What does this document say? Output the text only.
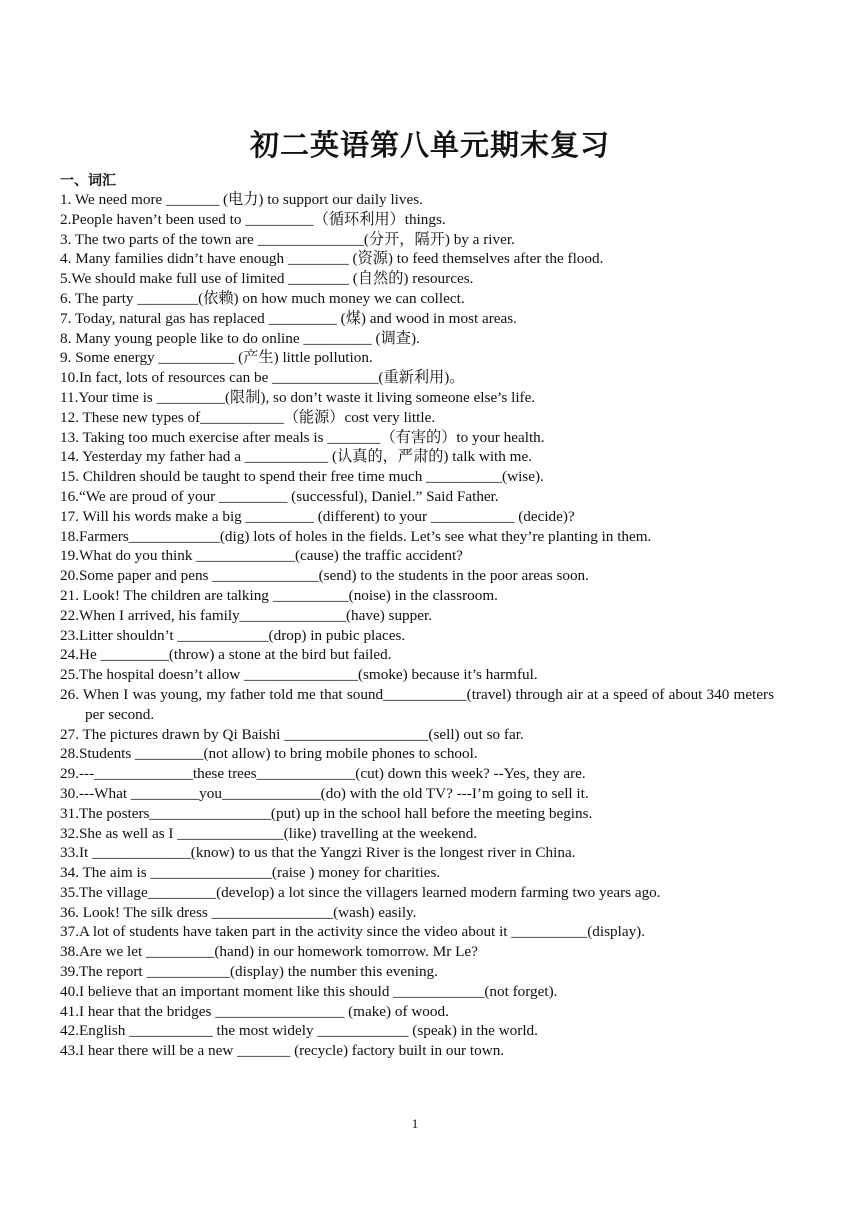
初二英语第八单元期末复习
一、词汇
1. We need more _______ (电力) to support our daily lives.
2.People haven’t been used to _________（循环利用）things.
3. The two parts of the town are ______________(分开，隔开) by a river.
4. Many families didn’t have enough ________ (资源) to feed themselves after the flood.
5.We should make full use of limited ________ (自然的) resources.
6. The party ________(依赖) on how much money we can collect.
7. Today, natural gas has replaced _________ (煤) and wood in most areas.
8. Many young people like to do online _________ (调查).
9. Some energy __________ (产生) little pollution.
10.In fact, lots of resources can be ______________(重新利用)。
11.Your time is _________(限制), so don’t waste it living someone else’s life.
12. These new types of___________（能源）cost very little.
13. Taking too much exercise after meals is _______（有害的）to your health.
14. Yesterday my father had a ___________ (认真的，严肃的) talk with me.
15. Children should be taught to spend their free time much __________(wise).
16.“We are proud of your _________ (successful), Daniel.” Said Father.
17. Will his words make a big _________ (different) to your ___________ (decide)?
18.Farmers____________(dig) lots of holes in the fields. Let’s see what they’re planting in them.
19.What do you think _____________(cause) the traffic accident?
20.Some paper and pens ______________(send) to the students in the poor areas soon.
21. Look! The children are talking __________(noise) in the classroom.
22.When I arrived, his family______________(have) supper.
23.Litter shouldn’t ____________(drop) in pubic places.
24.He _________(throw) a stone at the bird but failed.
25.The hospital doesn’t allow _______________(smoke) because it’s harmful.
26. When I was young, my father told me that sound___________(travel) through air at a speed of about 340 meters per second.
27. The pictures drawn by Qi Baishi ___________________(sell) out so far.
28.Students _________(not allow) to bring mobile phones to school.
29.---_____________these trees_____________(cut) down this week? --Yes, they are.
30.---What _________you_____________(do) with the old TV? ---I’m going to sell it.
31.The posters________________(put) up in the school hall before the meeting begins.
32.She as well as I ______________(like) travelling at the weekend.
33.It _____________(know) to us that the Yangzi River is the longest river in China.
34. The aim is ________________(raise ) money for charities.
35.The village_________(develop) a lot since the villagers learned modern farming two years ago.
36. Look! The silk dress ________________(wash) easily.
37.A lot of students have taken part in the activity since the video about it __________(display).
38.Are we let _________(hand) in our homework tomorrow. Mr Le?
39.The report ___________(display) the number this evening.
40.I believe that an important moment like this should ____________(not forget).
41.I hear that the bridges _________________ (make) of wood.
42.English ___________ the most widely ____________ (speak) in the world.
43.I hear there will be a new _______ (recycle) factory built in our town.
1
